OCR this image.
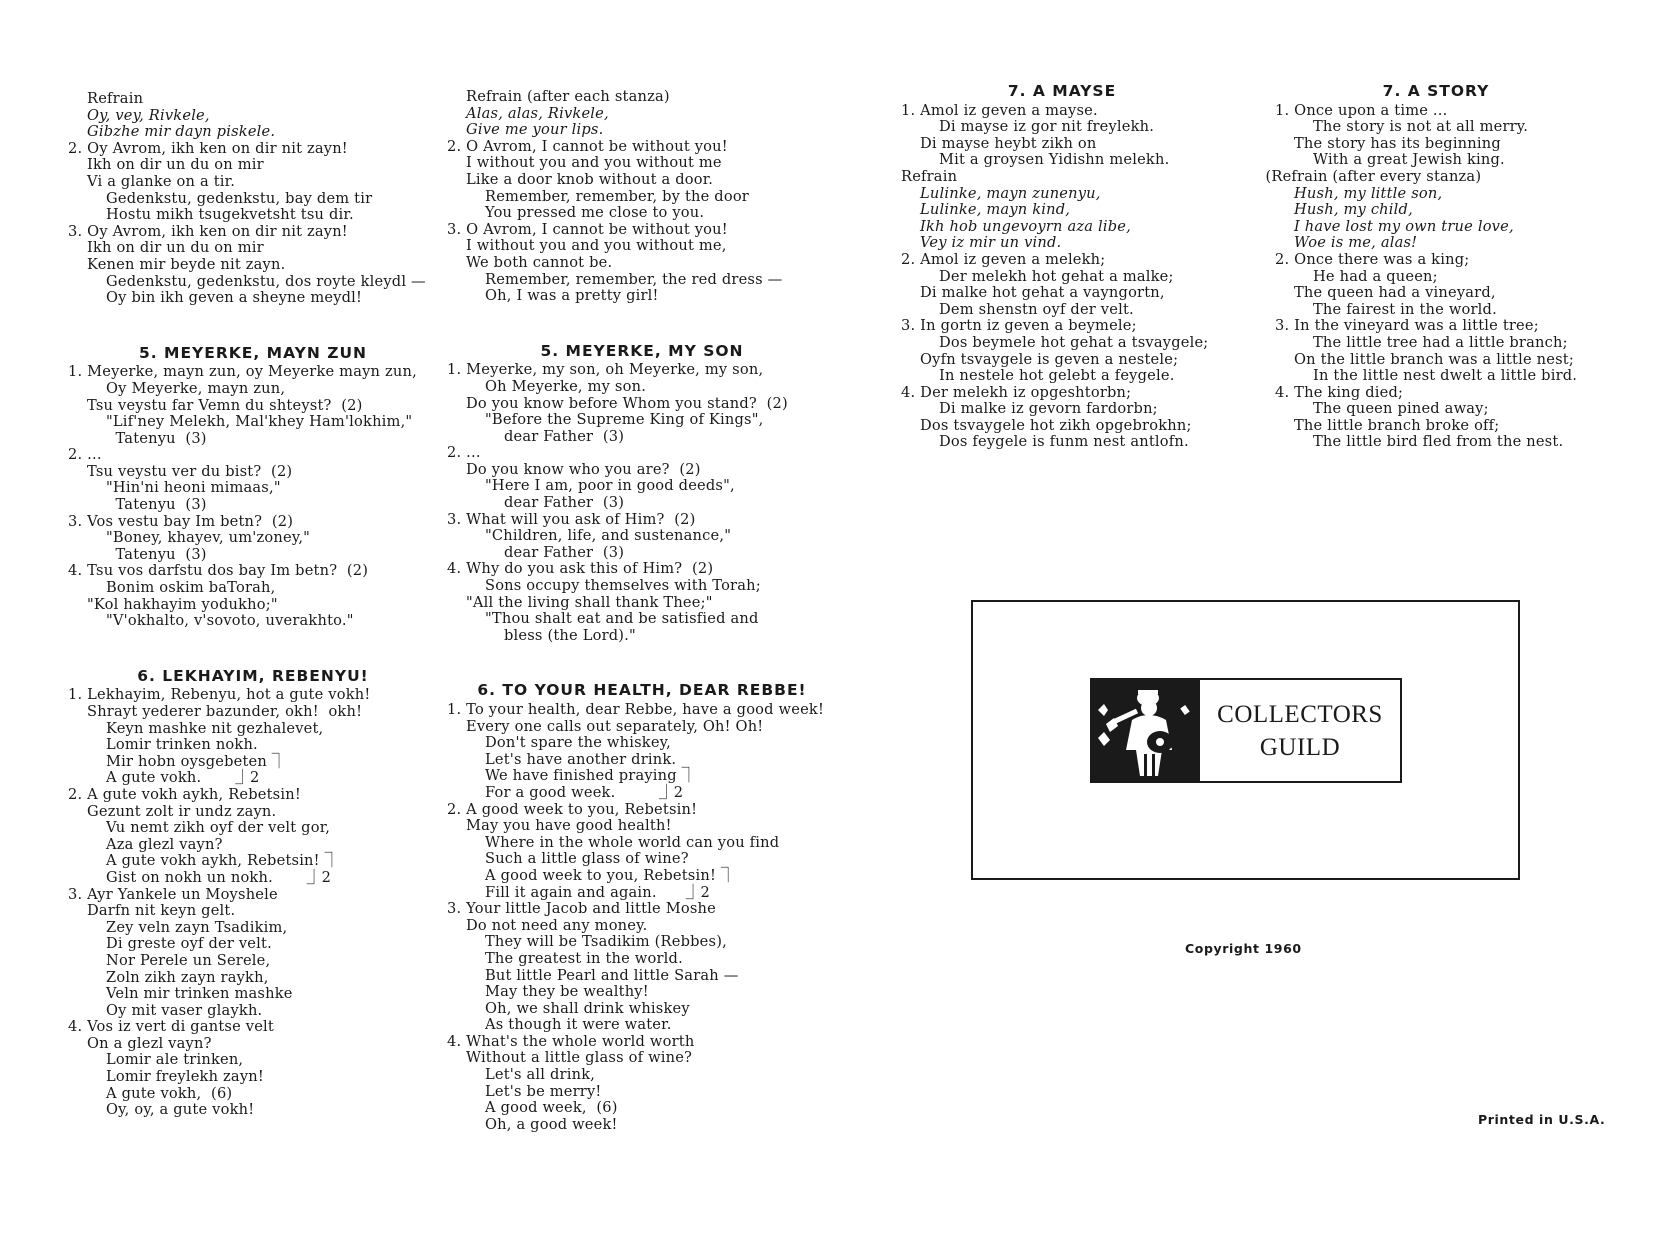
Refrain
Oy, vey, Rivkele,
Gibzhe mir dayn piskele.
2. Oy Avrom, ikh ken on dir nit zayn!
Ikh on dir un du on mir
Vi a glanke on a tir.
Gedenkstu, gedenkstu, bay dem tir
Hostu mikh tsugekvetsht tsu dir.
3. Oy Avrom, ikh ken on dir nit zayn!
Ikh on dir un du on mir
Kenen mir beyde nit zayn.
Gedenkstu, gedenkstu, dos royte kleydl —
Oy bin ikh geven a sheyne meydl!
5. MEYERKE, MAYN ZUN
1. Meyerke, mayn zun, oy Meyerke mayn zun,
Oy Meyerke, mayn zun,
Tsu veystu far Vemn du shteyst?  (2)
"Lif'ney Melekh, Mal'khey Ham'lokhim,"
Tatenyu  (3)
2. ...
Tsu veystu ver du bist?  (2)
"Hin'ni heoni mimaas,"
Tatenyu  (3)
3. Vos vestu bay Im betn?  (2)
"Boney, khayev, um'zoney,"
Tatenyu  (3)
4. Tsu vos darfstu dos bay Im betn?  (2)
Bonim oskim baTorah,
"Kol hakhayim yodukho;"
"V'okhalto, v'sovoto, uverakhto."
6. LEKHAYIM, REBENYU!
1. Lekhayim, Rebenyu, hot a gute vokh!
Shrayt yederer bazunder, okh!  okh!
Keyn mashke nit gezhalevet,
Lomir trinken nokh.
Mir hobn oysgebeten ⏋
A gute vokh.       ⏌2
2. A gute vokh aykh, Rebetsin!
Gezunt zolt ir undz zayn.
Vu nemt zikh oyf der velt gor,
Aza glezl vayn?
A gute vokh aykh, Rebetsin! ⏋
Gist on nokh un nokh.       ⏌2
3. Ayr Yankele un Moyshele
Darfn nit keyn gelt.
Zey veln zayn Tsadikim,
Di greste oyf der velt.
Nor Perele un Serele,
Zoln zikh zayn raykh,
Veln mir trinken mashke
Oy mit vaser glaykh.
4. Vos iz vert di gantse velt
On a glezl vayn?
Lomir ale trinken,
Lomir freylekh zayn!
A gute vokh,  (6)
Oy, oy, a gute vokh!
Refrain (after each stanza)
Alas, alas, Rivkele,
Give me your lips.
2. O Avrom, I cannot be without you!
I without you and you without me
Like a door knob without a door.
Remember, remember, by the door
You pressed me close to you.
3. O Avrom, I cannot be without you!
I without you and you without me,
We both cannot be.
Remember, remember, the red dress —
Oh, I was a pretty girl!
5. MEYERKE, MY SON
1. Meyerke, my son, oh Meyerke, my son,
Oh Meyerke, my son.
Do you know before Whom you stand?  (2)
"Before the Supreme King of Kings",
dear Father  (3)
2. ...
Do you know who you are?  (2)
"Here I am, poor in good deeds",
dear Father  (3)
3. What will you ask of Him?  (2)
"Children, life, and sustenance,"
dear Father  (3)
4. Why do you ask this of Him?  (2)
Sons occupy themselves with Torah;
"All the living shall thank Thee;"
"Thou shalt eat and be satisfied and
bless (the Lord)."
6. TO YOUR HEALTH, DEAR REBBE!
1. To your health, dear Rebbe, have a good week!
Every one calls out separately, Oh! Oh!
Don't spare the whiskey,
Let's have another drink.
We have finished praying ⏋
For a good week.         ⏌2
2. A good week to you, Rebetsin!
May you have good health!
Where in the whole world can you find
Such a little glass of wine?
A good week to you, Rebetsin! ⏋
Fill it again and again.      ⏌2
3. Your little Jacob and little Moshe
Do not need any money.
They will be Tsadikim (Rebbes),
The greatest in the world.
But little Pearl and little Sarah —
May they be wealthy!
Oh, we shall drink whiskey
As though it were water.
4. What's the whole world worth
Without a little glass of wine?
Let's all drink,
Let's be merry!
A good week,  (6)
Oh, a good week!
7. A MAYSE
1. Amol iz geven a mayse.
Di mayse iz gor nit freylekh.
Di mayse heybt zikh on
Mit a groysen Yidishn melekh.
Refrain
Lulinke, mayn zunenyu,
Lulinke, mayn kind,
Ikh hob ungevoyrn aza libe,
Vey iz mir un vind.
2. Amol iz geven a melekh;
Der melekh hot gehat a malke;
Di malke hot gehat a vayngortn,
Dem shenstn oyf der velt.
3. In gortn iz geven a beymele;
Dos beymele hot gehat a tsvaygele;
Oyfn tsvaygele is geven a nestele;
In nestele hot gelebt a feygele.
4. Der melekh iz opgeshtorbn;
Di malke iz gevorn fardorbn;
Dos tsvaygele hot zikh opgebrokhn;
Dos feygele is funm nest antlofn.
7. A STORY
1. Once upon a time ...
The story is not at all merry.
The story has its beginning
With a great Jewish king.
(Refrain (after every stanza)
Hush, my little son,
Hush, my child,
I have lost my own true love,
Woe is me, alas!
2. Once there was a king;
He had a queen;
The queen had a vineyard,
The fairest in the world.
3. In the vineyard was a little tree;
The little tree had a little branch;
On the little branch was a little nest;
In the little nest dwelt a little bird.
4. The king died;
The queen pined away;
The little branch broke off;
The little bird fled from the nest.
COLLECTORS
GUILD
Copyright 1960
Printed in U.S.A.
